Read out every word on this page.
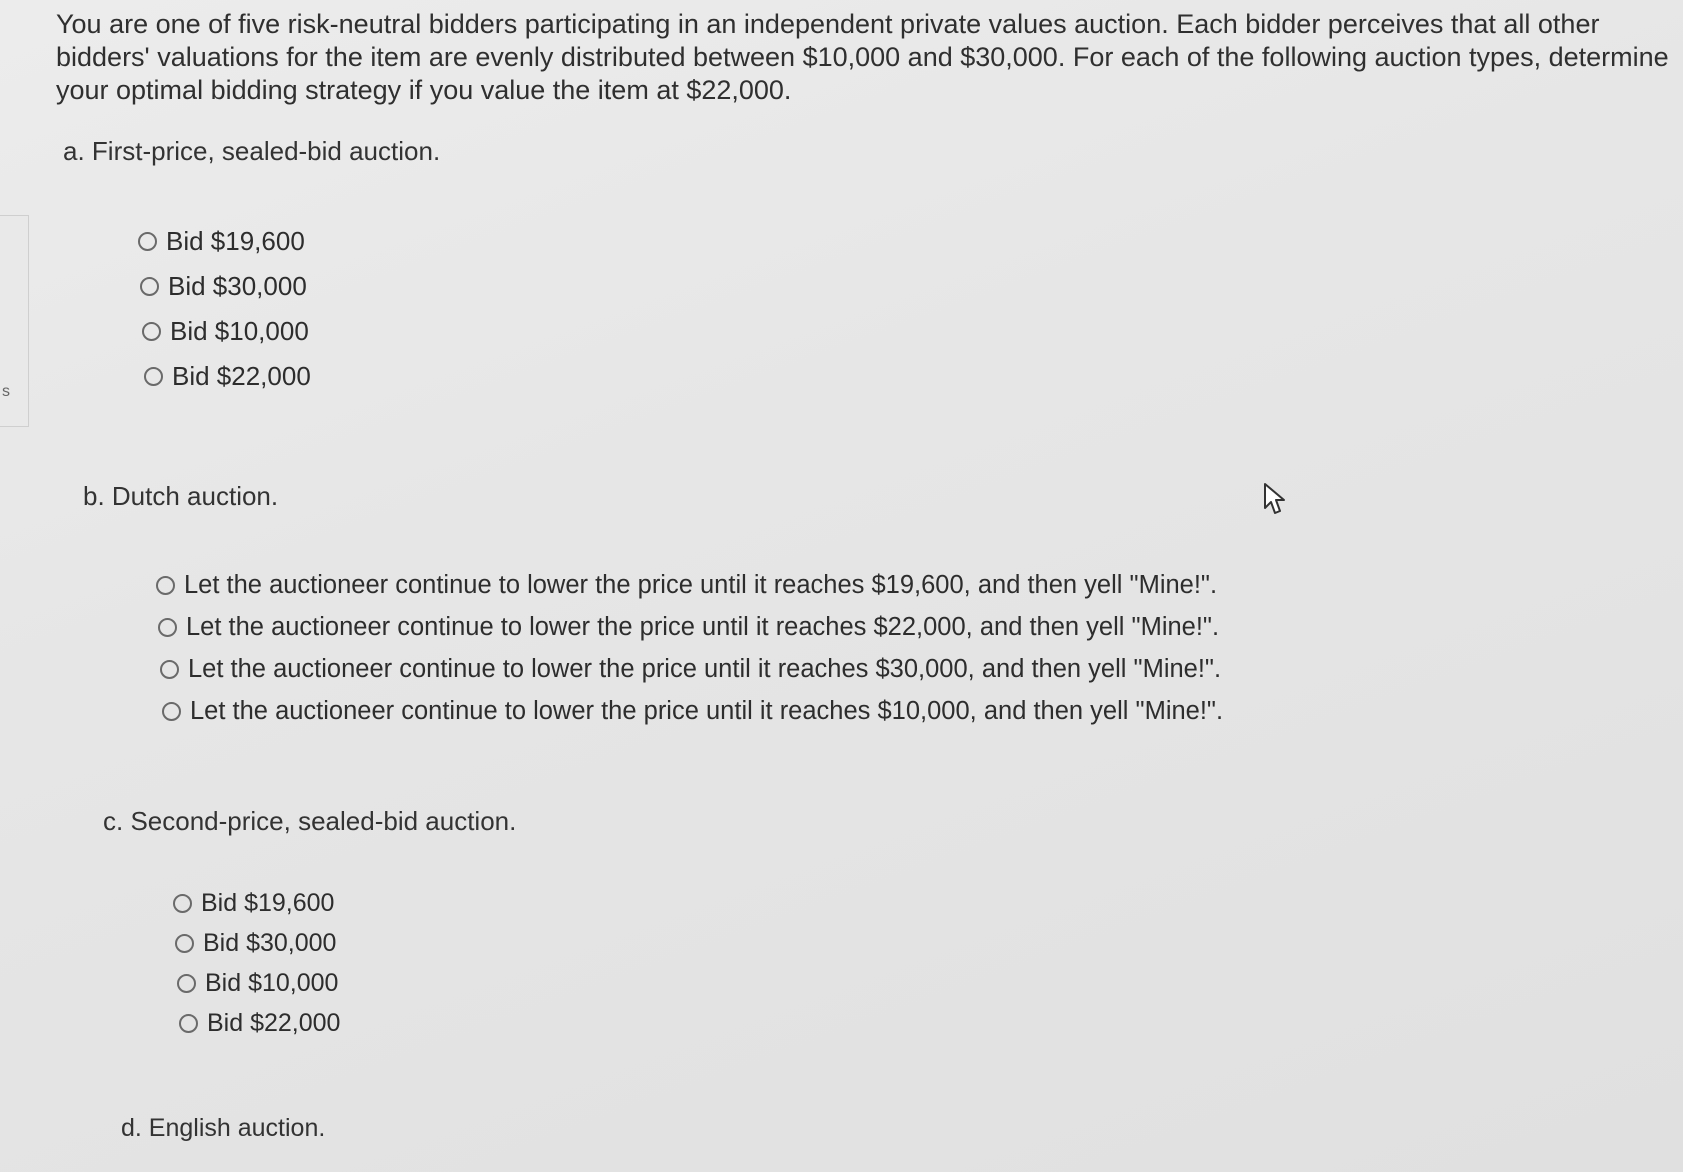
s

You are one of five risk-neutral bidders participating in an independent private values auction. Each bidder perceives that all other bidders' valuations for the item are evenly distributed between $10,000 and $30,000. For each of the following auction types, determine your optimal bidding strategy if you value the item at $22,000.

a. First-price, sealed-bid auction.

Bid $19,600
Bid $30,000
Bid $10,000
Bid $22,000

b. Dutch auction.

Let the auctioneer continue to lower the price until it reaches $19,600, and then yell "Mine!".
Let the auctioneer continue to lower the price until it reaches $22,000, and then yell "Mine!".
Let the auctioneer continue to lower the price until it reaches $30,000, and then yell "Mine!".
Let the auctioneer continue to lower the price until it reaches $10,000, and then yell "Mine!".

c. Second-price, sealed-bid auction.

Bid $19,600
Bid $30,000
Bid $10,000
Bid $22,000

d. English auction.
